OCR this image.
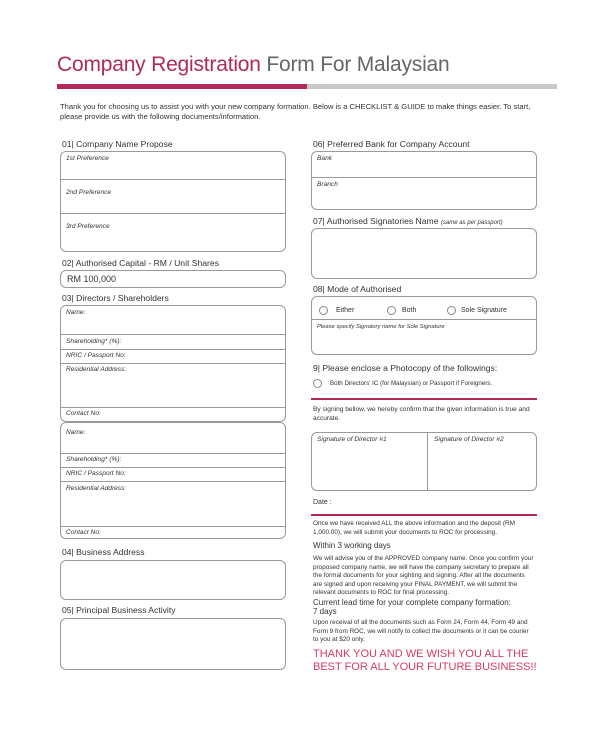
Company Registration Form For Malaysian
Thank you for choosing us to assist you with your new company formation. Below is a CHECKLIST & GUIDE to make things easier. To start, please provide us with the following documents/information.
01| Company Name Propose
1st Preference
2nd Preference
3rd Preference
02| Authorised Capital - RM / Unit Shares
RM 100,000
03| Directors / Shareholders
Name:
Shareholding* (%):
NRIC / Passport No:
Residential Address:
Contact No:
Name:
Shareholding* (%):
NRIC / Passport No:
Residential Address:
Contact No:
04| Business Address
05| Principal Business Activity
06| Preferred Bank for Company Account
Bank
Branch
07| Authorised Signatories Name (same as per passport)
08| Mode of Authorised
Either	Both	Sole Signature
Please specify Signatory name for Sole Signature
9| Please enclose a Photocopy of the followings:
Both Directors' IC (for Malaysian) or Passport if Foreigners.
By signing bellow, we hereby confirm that the given information is true and accurate.
Signature of Director #1	Signature of Director #2
Date :
Once we have received ALL the above information and the deposit (RM 1,000.00), we will submit your documents to ROC for processing.
Within 3 working days
We will advise you of the APPROVED company name. Once you confirm your proposed company name, we will have the company secretary to prepare all the formal documents for your sighting and signing. After all the documents are signed and upon receiving your FINAL PAYMENT, we will submit the relevant documents to ROC for final processing.
Current lead time for your complete company formation:
7 days
Upon receival of all the documents such as Form 24, Form 44, Form 49 and Form 9 from ROC, we will notify to collect the documents or it can be courier to you at $20 only.
THANK YOU AND WE WISH YOU ALL THE BEST FOR ALL YOUR FUTURE BUSINESS!!
